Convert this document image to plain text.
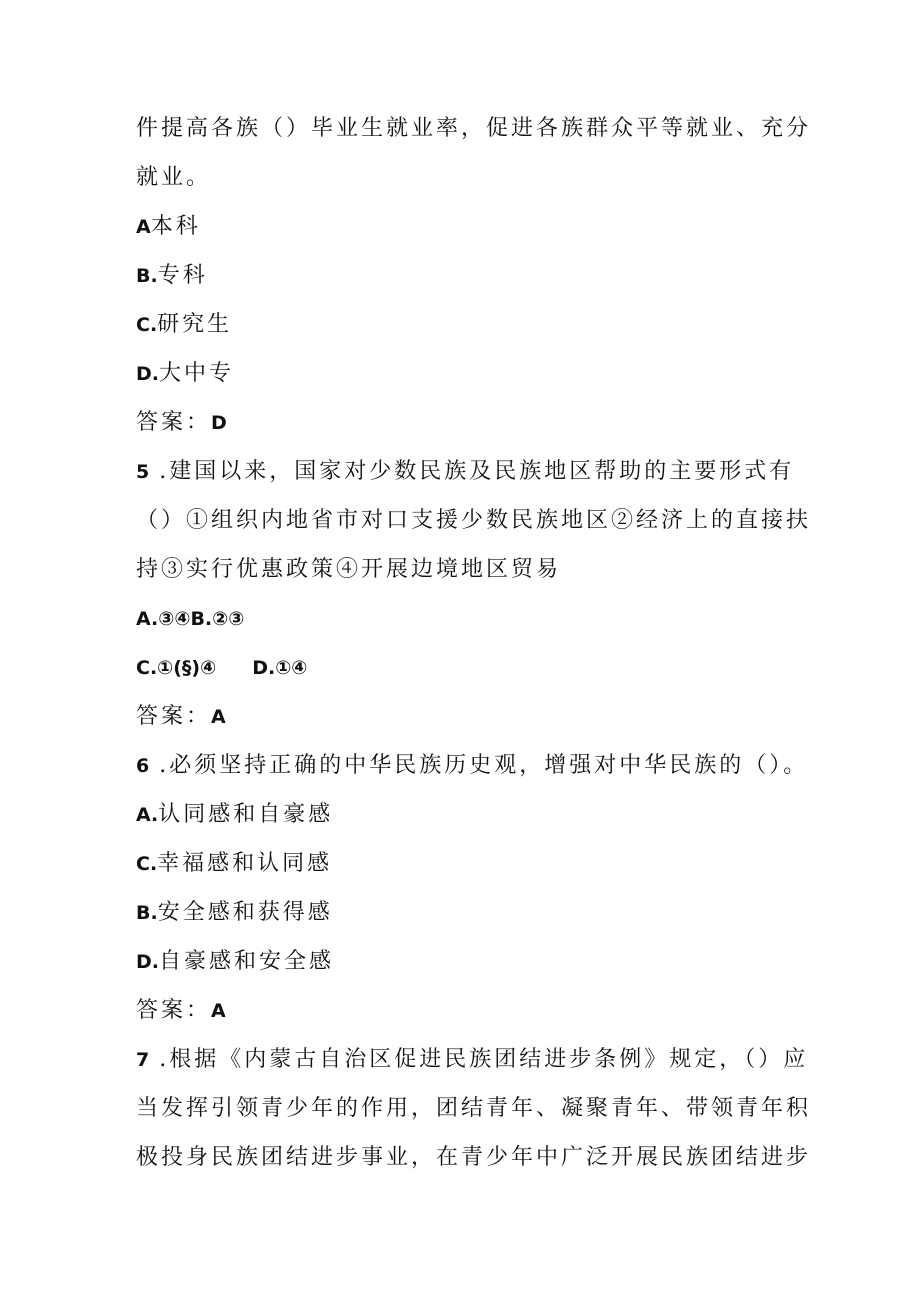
件提高各族（）毕业生就业率，促进各族群众平等就业、充分
就业。
A本科
B.专科
C.研究生
D.大中专
答案：D
5 .建国以来，国家对少数民族及民族地区帮助的主要形式有
（）①组织内地省市对口支援少数民族地区②经济上的直接扶
持③实行优惠政策④开展边境地区贸易
A.③④B.②③
C.①(§)④ D.①④
答案：A
6 .必须坚持正确的中华民族历史观，增强对中华民族的（）。
A.认同感和自豪感
C.幸福感和认同感
B.安全感和获得感
D.自豪感和安全感
答案：A
7 .根据《内蒙古自治区促进民族团结进步条例》规定，（）应
当发挥引领青少年的作用，团结青年、凝聚青年、带领青年积
极投身民族团结进步事业，在青少年中广泛开展民族团结进步
